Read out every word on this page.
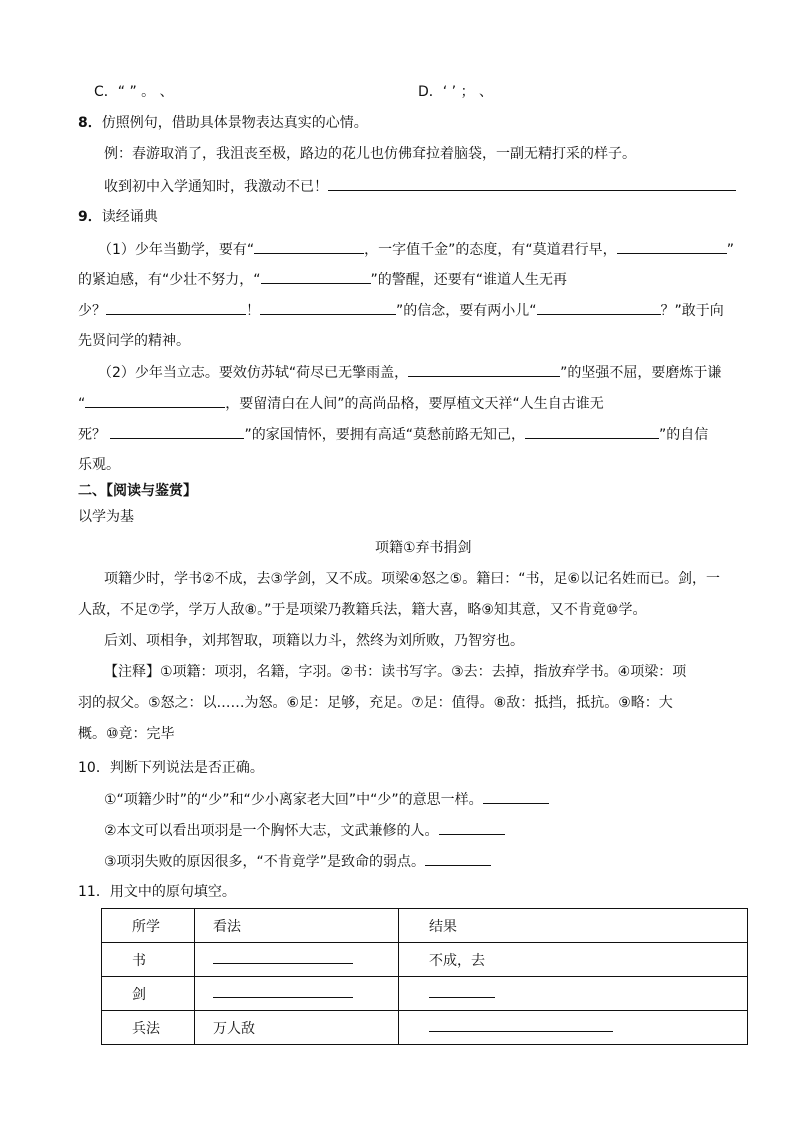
C．“ ” 。 、	D．‘ ’ ； 、
8．仿照例句，借助具体景物表达真实的心情。
例：春游取消了，我沮丧至极，路边的花儿也仿佛耷拉着脑袋，一副无精打采的样子。
收到初中入学通知时，我激动不已！
9．读经诵典
（1）少年当勤学，要有“	，一字值千金”的态度，有“莫道君行早，	”
的紧迫感，有“少壮不努力，“	”的警醒，还要有“谁道人生无再
少？	！	”的信念，要有两小儿“	？”敢于向
先贤问学的精神。
（2）少年当立志。要效仿苏轼“荷尽已无擎雨盖，	”的坚强不屈，要磨炼于谦
“	，要留清白在人间”的高尚品格，要厚植文天祥“人生自古谁无
死？	”的家国情怀，要拥有高适“莫愁前路无知己，	”的自信
乐观。
二、【阅读与鉴赏】
以学为基
项籍①弃书捐剑
项籍少时，学书②不成，去③学剑，又不成。项梁④怒之⑤。籍曰：“书，足⑥以记名姓而已。剑，一
人敌，不足⑦学，学万人敌⑧。”于是项梁乃教籍兵法，籍大喜，略⑨知其意，又不肯竟⑩学。
后刘、项相争，刘邦智取，项籍以力斗，然终为刘所败，乃智穷也。
【注释】①项籍：项羽，名籍，字羽。②书：读书写字。③去：去掉，指放弃学书。④项梁：项
羽的叔父。⑤怒之：以……为怒。⑥足：足够，充足。⑦足：值得。⑧敌：抵挡，抵抗。⑨略：大
概。⑩竟：完毕
10．判断下列说法是否正确。
①“项籍少时”的“少”和“少小离家老大回”中“少”的意思一样。
②本文可以看出项羽是一个胸怀大志，文武兼修的人。
③项羽失败的原因很多，“不肯竟学”是致命的弱点。
11．用文中的原句填空。
所学	看法	结果
书		不成，去
剑		
兵法	万人敌	
